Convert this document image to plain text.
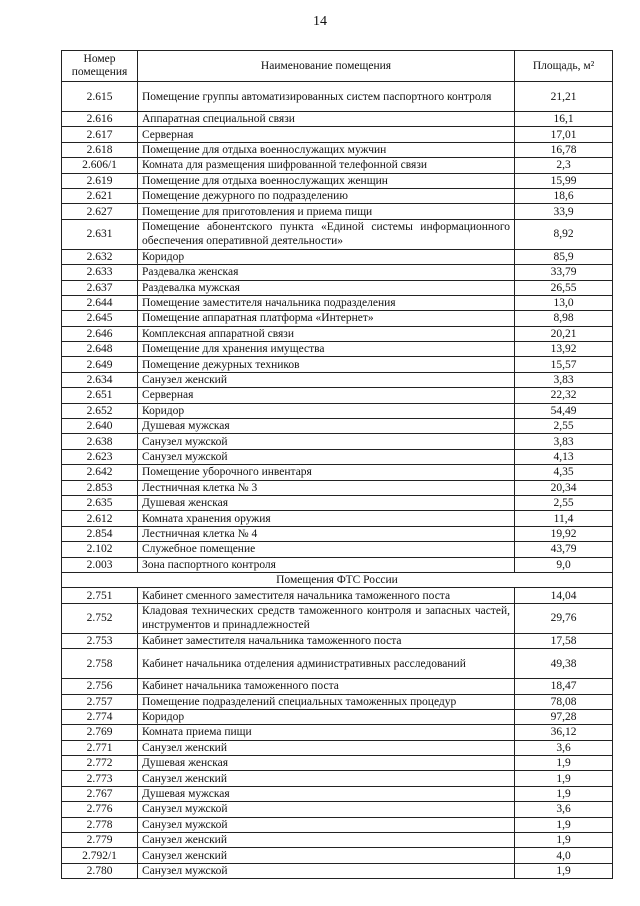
14
Номер помещения	Наименование помещения	Площадь, м²
2.615	Помещение группы автоматизированных систем паспортного контроля	21,21
2.616	Аппаратная специальной связи	16,1
2.617	Серверная	17,01
2.618	Помещение для отдыха военнослужащих мужчин	16,78
2.606/1	Комната для размещения шифрованной телефонной связи	2,3
2.619	Помещение для отдыха военнослужащих женщин	15,99
2.621	Помещение дежурного по подразделению	18,6
2.627	Помещение для приготовления и приема пищи	33,9
2.631	Помещение абонентского пункта «Единой системы информационного обеспечения оперативной деятельности»	8,92
2.632	Коридор	85,9
2.633	Раздевалка женская	33,79
2.637	Раздевалка мужская	26,55
2.644	Помещение заместителя начальника подразделения	13,0
2.645	Помещение аппаратная платформа «Интернет»	8,98
2.646	Комплексная аппаратной связи	20,21
2.648	Помещение для хранения имущества	13,92
2.649	Помещение дежурных техников	15,57
2.634	Санузел женский	3,83
2.651	Серверная	22,32
2.652	Коридор	54,49
2.640	Душевая мужская	2,55
2.638	Санузел мужской	3,83
2.623	Санузел мужской	4,13
2.642	Помещение уборочного инвентаря	4,35
2.853	Лестничная клетка № 3	20,34
2.635	Душевая женская	2,55
2.612	Комната хранения оружия	11,4
2.854	Лестничная клетка № 4	19,92
2.102	Служебное помещение	43,79
2.003	Зона паспортного контроля	9,0
Помещения ФТС России		
2.751	Кабинет сменного заместителя начальника таможенного поста	14,04
2.752	Кладовая технических средств таможенного контроля и запасных частей, инструментов и принадлежностей	29,76
2.753	Кабинет заместителя начальника таможенного поста	17,58
2.758	Кабинет начальника отделения административных расследований	49,38
2.756	Кабинет начальника таможенного поста	18,47
2.757	Помещение подразделений специальных таможенных процедур	78,08
2.774	Коридор	97,28
2.769	Комната приема пищи	36,12
2.771	Санузел женский	3,6
2.772	Душевая женская	1,9
2.773	Санузел женский	1,9
2.767	Душевая мужская	1,9
2.776	Санузел мужской	3,6
2.778	Санузел мужской	1,9
2.779	Санузел женский	1,9
2.792/1	Санузел женский	4,0
2.780	Санузел мужской	1,9
